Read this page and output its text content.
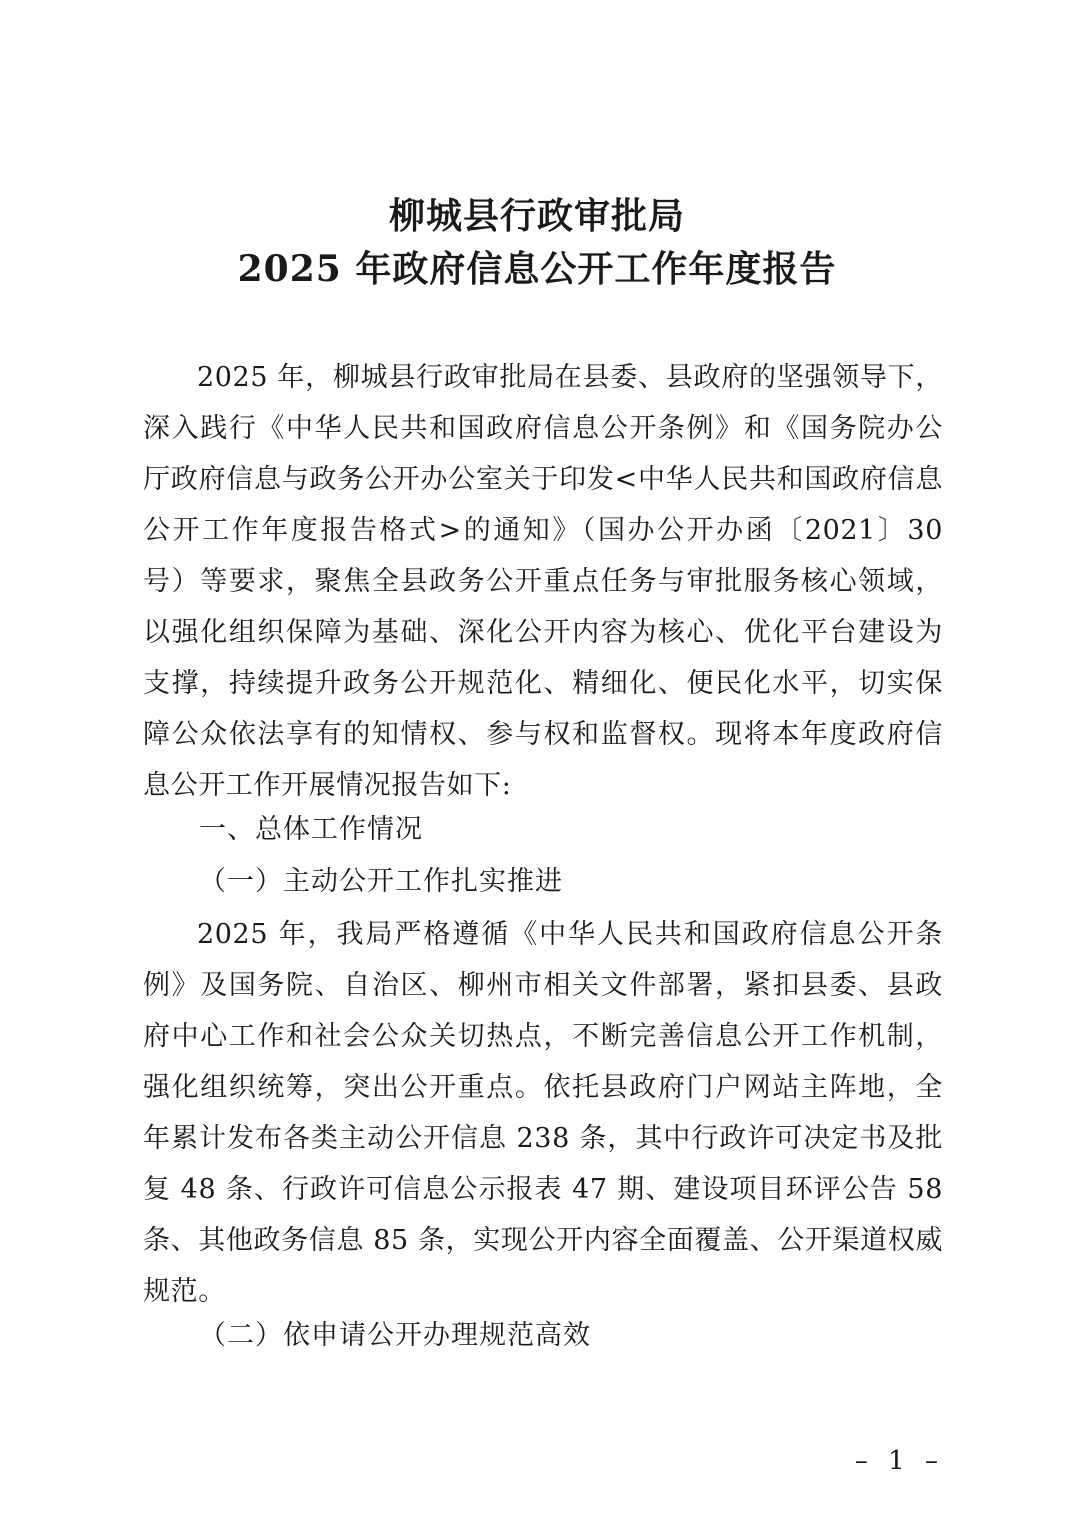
柳城县行政审批局
2025 年政府信息公开工作年度报告
2025 年，柳城县行政审批局在县委、县政府的坚强领导下，深入践行《中华人民共和国政府信息公开条例》和《国务院办公厅政府信息与政务公开办公室关于印发<中华人民共和国政府信息公开工作年度报告格式>的通知》（国办公开办函〔2021〕30 号）等要求，聚焦全县政务公开重点任务与审批服务核心领域，以强化组织保障为基础、深化公开内容为核心、优化平台建设为支撑，持续提升政务公开规范化、精细化、便民化水平，切实保障公众依法享有的知情权、参与权和监督权。现将本年度政府信息公开工作开展情况报告如下:
一、总体工作情况
（一）主动公开工作扎实推进
2025 年，我局严格遵循《中华人民共和国政府信息公开条例》及国务院、自治区、柳州市相关文件部署，紧扣县委、县政府中心工作和社会公众关切热点，不断完善信息公开工作机制，强化组织统筹，突出公开重点。依托县政府门户网站主阵地，全年累计发布各类主动公开信息 238 条，其中行政许可决定书及批复 48 条、行政许可信息公示报表 47 期、建设项目环评公告 58 条、其他政务信息 85 条，实现公开内容全面覆盖、公开渠道权威规范。
（二）依申请公开办理规范高效
– 1 –
